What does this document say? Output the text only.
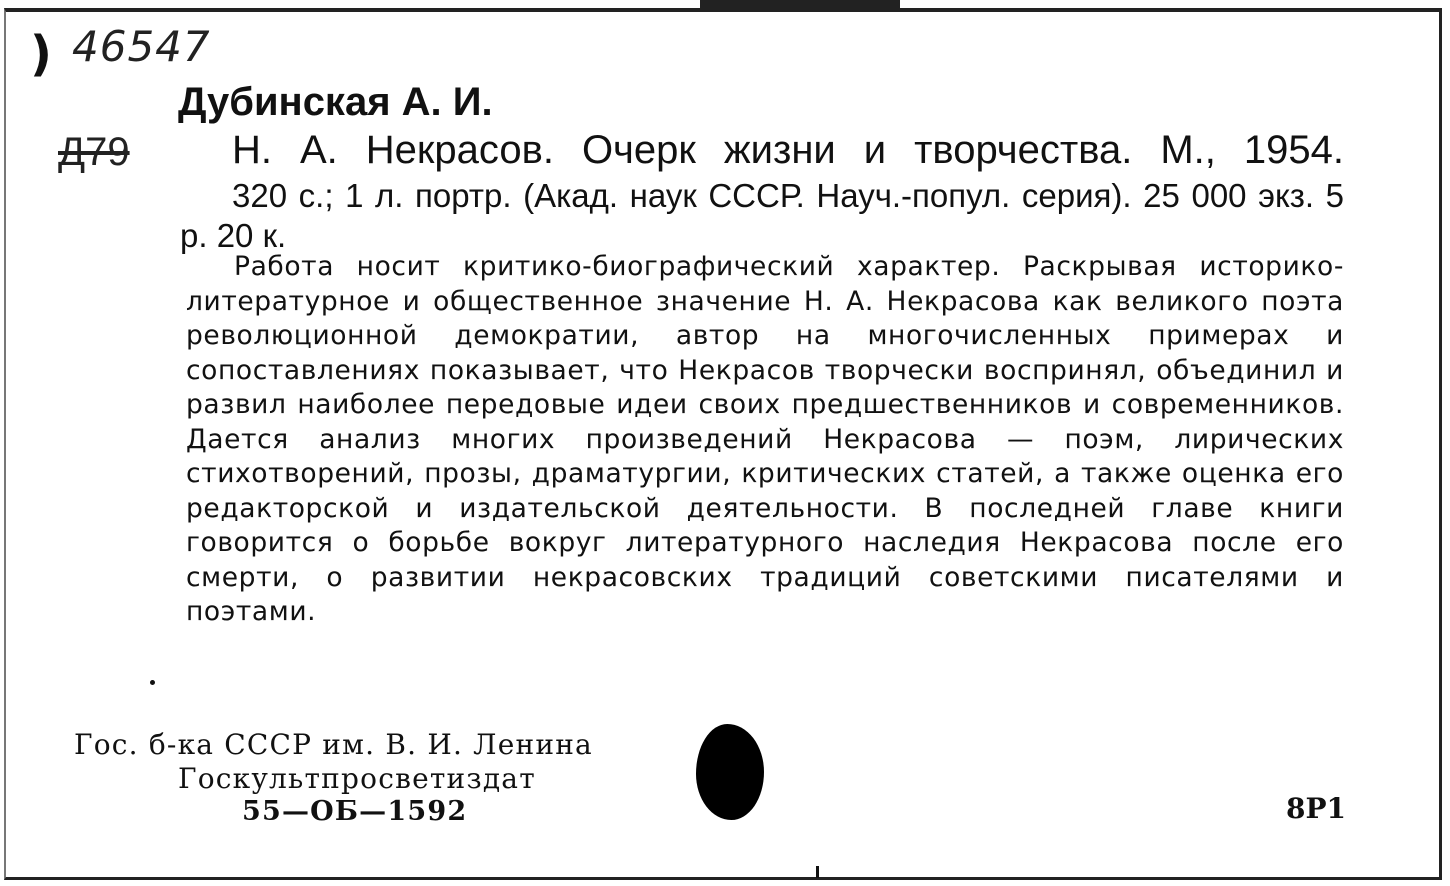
) 46547
Дубинская А. И.
Д79	Н. А. Некрасов. Очерк жизни и творчества. М., 1954.
320 с.; 1 л. портр. (Акад. наук СССР. Науч.-попул. серия). 25 000 экз. 5 р. 20 к.
Работа носит критико-биографический характер. Раскрывая историко-литературное и общественное значение Н. А. Некрасова как великого поэта революционной демократии, автор на многочисленных примерах и сопоставлениях показывает, что Некрасов творчески воспринял, объединил и развил наиболее передовые идеи своих предшественников и современников. Дается анализ многих произведений Некрасова — поэм, лирических стихотворений, прозы, драматургии, критических статей, а также оценка его редакторской и издательской деятельности. В последней главе книги говорится о борьбе вокруг литературного наследия Некрасова после его смерти, о развитии некрасовских традиций советскими писателями и поэтами.
Гос. б-ка СССР им. В. И. Ленина
Госкультпросветиздат
55—ОБ—1592	8Р1
